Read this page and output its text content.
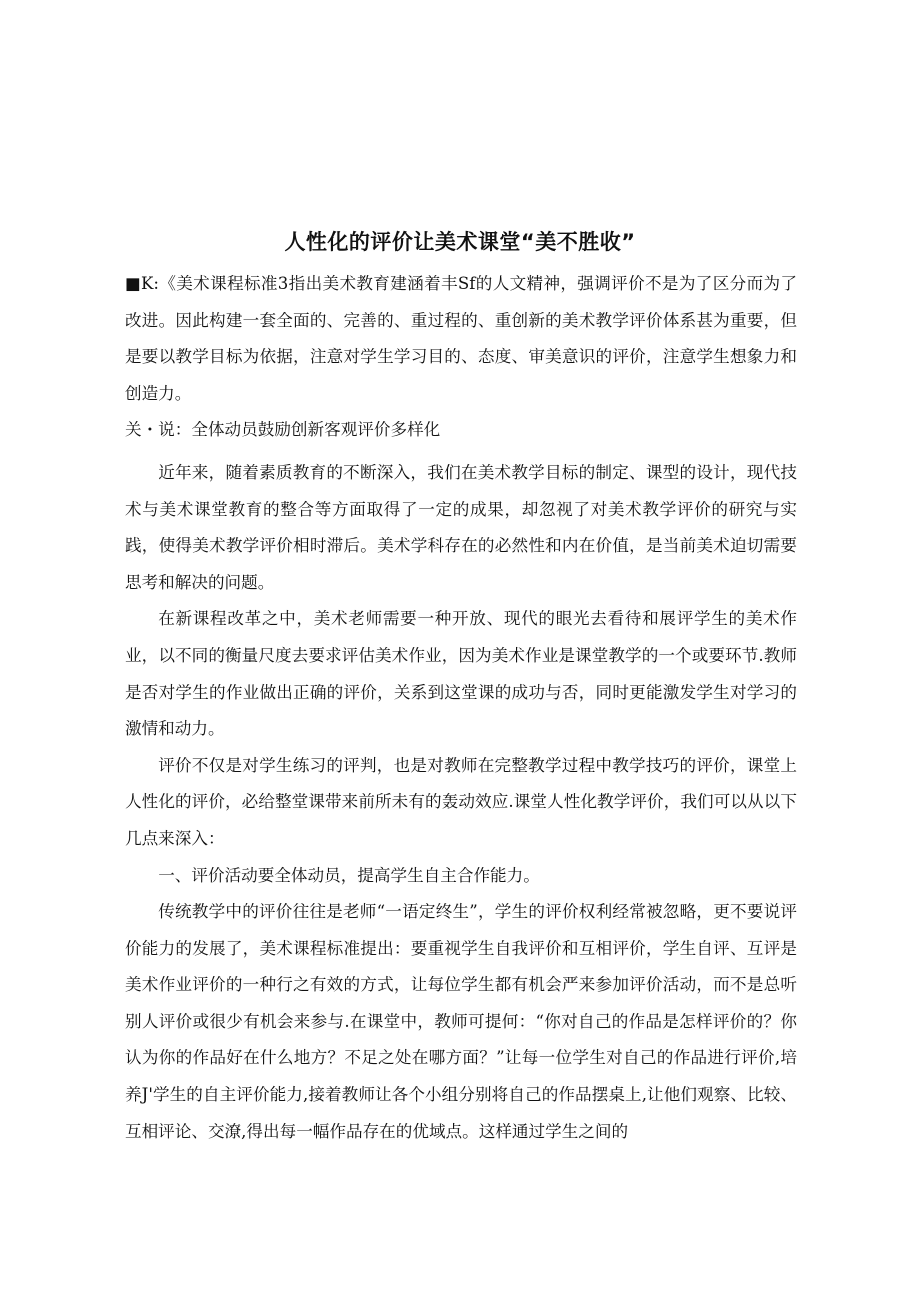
人性化的评价让美术课堂“美不胜收”

■K:《美术课程标准3指出美术教育建涵着丰Sf的人文精神，强调评价不是为了区分而为了改进。因此构建一套全面的、完善的、重过程的、重创新的美术教学评价体系甚为重要，但是要以教学目标为依据，注意对学生学习目的、态度、审美意识的评价，注意学生想象力和创造力。

关・说：全体动员鼓励创新客观评价多样化

近年来，随着素质教育的不断深入，我们在美术教学目标的制定、课型的设计，现代技术与美术课堂教育的整合等方面取得了一定的成果，却忽视了对美术教学评价的研究与实践，使得美术教学评价相时滞后。美术学科存在的必然性和内在价值，是当前美术迫切需要思考和解决的问题。

在新课程改革之中，美术老师需要一种开放、现代的眼光去看待和展评学生的美术作业，以不同的衡量尺度去要求评估美术作业，因为美术作业是课堂教学的一个或要环节.教师是否对学生的作业做出正确的评价，关系到这堂课的成功与否，同时更能激发学生对学习的激情和动力。

评价不仅是对学生练习的评判，也是对教师在完整教学过程中教学技巧的评价，课堂上人性化的评价，必给整堂课带来前所未有的轰动效应.课堂人性化教学评价，我们可以从以下几点来深入：

一、评价活动要全体动员，提高学生自主合作能力。

传统教学中的评价往往是老师“一语定终生”，学生的评价权利经常被忽略，更不要说评价能力的发展了，美术课程标准提出：要重视学生自我评价和互相评价，学生自评、互评是美术作业评价的一种行之有效的方式，让每位学生都有机会严来参加评价活动，而不是总听别人评价或很少有机会来参与.在课堂中，教师可提何：“你对自己的作品是怎样评价的？你认为你的作品好在什么地方？不足之处在哪方面？”让每一位学生对自己的作品进行评价,培养J'学生的自主评价能力,接着教师让各个小组分别将自己的作品摆桌上,让他们观察、比较、互相评论、交潦,得出每一幅作品存在的优域点。这样通过学生之间的
